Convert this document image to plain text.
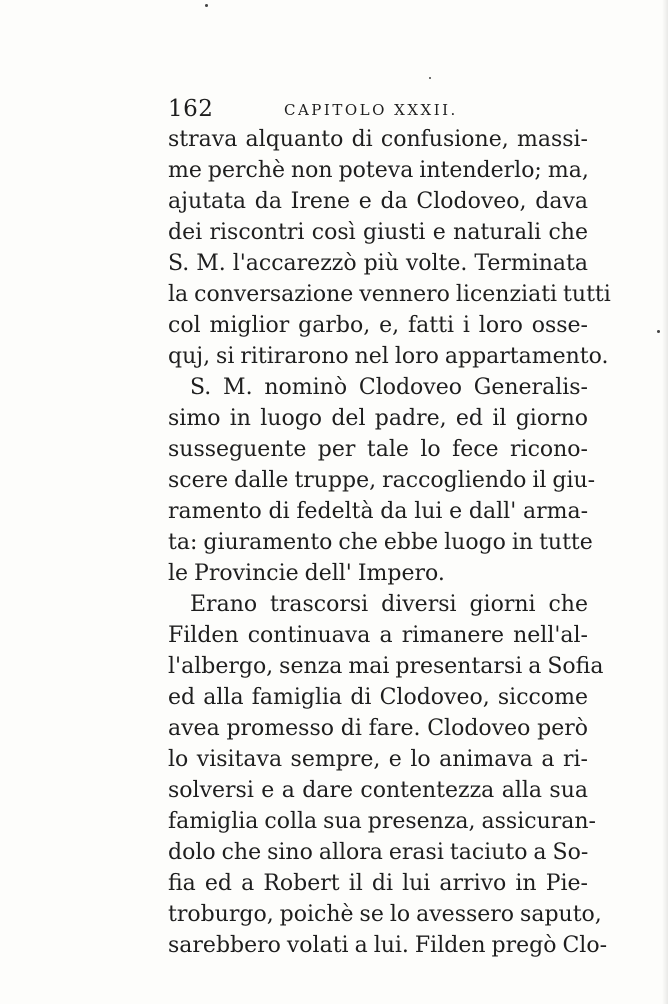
162	CAPITOLO XXXII.
strava alquanto di confusione, massi-
me perchè non poteva intenderlo; ma,
ajutata da Irene e da Clodoveo, dava
dei riscontri così giusti e naturali che
S. M. l'accarezzò più volte. Terminata
la conversazione vennero licenziati tutti
col miglior garbo, e, fatti i loro osse-
quj, si ritirarono nel loro appartamento.
S. M. nominò Clodoveo Generalis-
simo in luogo del padre, ed il giorno
susseguente per tale lo fece ricono-
scere dalle truppe, raccogliendo il giu-
ramento di fedeltà da lui e dall' arma-
ta: giuramento che ebbe luogo in tutte
le Provincie dell' Impero.
Erano trascorsi diversi giorni che
Filden continuava a rimanere nell'al-
l'albergo, senza mai presentarsi a Sofia
ed alla famiglia di Clodoveo, siccome
avea promesso di fare. Clodoveo però
lo visitava sempre, e lo animava a ri-
solversi e a dare contentezza alla sua
famiglia colla sua presenza, assicuran-
dolo che sino allora erasi taciuto a So-
fia ed a Robert il di lui arrivo in Pie-
troburgo, poichè se lo avessero saputo,
sarebbero volati a lui. Filden pregò Clo-
